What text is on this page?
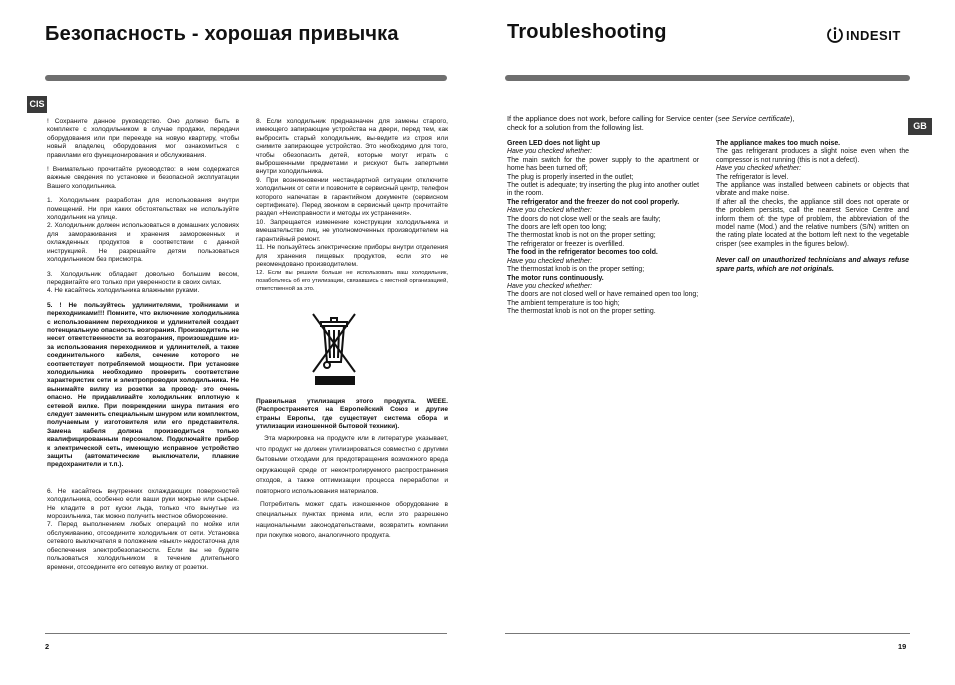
Безопасность - хорошая привычка
CIS

! Сохраните данное руководство. Оно должно быть в комплекте с холодильником в случае продажи, передачи оборудования или при переезде на новую квартиру, чтобы новый владелец оборудования мог ознакомиться с правилами его функционирования и обслуживания.

! Внимательно прочитайте руководство: в нем содержатся важные сведения по установке и безопасной эксплуатации Вашего холодильника.

1. Холодильник разработан для использования внутри помещений. Ни при каких обстоятельствах не используйте холодильник на улице.
2. Холодильник должен использоваться в домашних условиях для замораживания и хранения замороженных и охлажденных продуктов в соответствии с данной инструкцией. Не разрешайте детям пользоваться холодильником без присмотра.

3. Холодильник обладает довольно большим весом, передвигайте его только при уверенности в своих силах.
4. Не касайтесь холодильника влажными руками.

5. ! Не пользуйтесь удлинителями, тройниками и переходниками!!! Помните, что включение холодильника с использованием переходников и удлинителей создает потенциальную опасность возгорания. Производитель не несет ответственности за возгорания, произошедшие из-за использования переходников и удлинителей, а также соединительного кабеля, сечение которого не соответствует потребляемой мощности. При установке холодильника необходимо проверить соответствие характеристик сети и электропроводки холодильника. Не вынимайте вилку из розетки за провод- это очень опасно. Не придавливайте холодильник вплотную к сетевой вилке. При повреждении шнура питания его следует заменить специальным шнуром или комплектом, получаемым у изготовителя или его представителя. Замена кабеля должна производиться только квалифицированным персоналом. Подключайте прибор к электрической сеть, имеющую исправное устройство защиты (автоматические выключатели, плавкие предохранители и т.п.).

6. Не касайтесь внутренних охлаждающих поверхностей холодильника, особенно если ваши руки мокрые или сырые. Не кладите в рот куски льда, только что вынутые из морозильника, так можно получить местное обморожение.
7. Перед выполнением любых операций по мойке или обслуживанию, отсоедините холодильник от сети. Установка сетевого выключателя в положение «выкл» недостаточна для обеспечения электробезопасности. Если вы не будете пользоваться холодильником в течение длительного времени, отсоедините его сетевую вилку от розетки.

8. Если холодильник предназначен для замены старого, имеющего запирающие устройства на двери, перед тем, как выбросить старый холодильник, вы-ведите из строя или снимите запирающее устройство. Это необходимо для того, чтобы обезопасить детей, которые могут играть с выброшенными предметами и рискуют быть запертыми внутри холодильника.
9. При возникновении нестандартной ситуации отключите холодильник от сети и позвоните в сервисный центр, телефон которого напечатан в гарантийном документе (сервисном сертификате). Перед звонком в сервисный центр прочитайте раздел «Неисправности и методы их устранения».
10. Запрещается изменение конструкции холодильника и вмешательство лиц, не уполномоченных производителем на гарантийный ремонт.
11. Не пользуйтесь электрические приборы внутри отделения для хранения пищевых продуктов, если это не рекомендовано производителем.

12. Если вы решили больше не использовать ваш холодильник, позаботьтесь об его утилизации, связавшись с местной организацией, ответственной за это.

Правильная утилизация этого продукта. WEEE. (Распространяется на Европейский Союз и другие страны Европы, где существует система сбора и утилизации изношенной бытовой техники).

Эта маркировка на продукте или в литературе указывает, что продукт не должен утилизироваться совместно с другими бытовыми отходами для предотвращения возможного вреда окружающей среде от неконтролируемого распространения отходов, а также оптимизации процесса переработки и повторного использования материалов.

Потребитель может сдать изношенное оборудование в специальных пунктах приема или, если это разрешено национальными законодательствами, возвратить компании при покупке нового, аналогичного продукта.

2
Troubleshooting	INDESIT
GB
If the appliance does not work, before calling for Service center (see Service certificate),
check for a solution from the following list.

Green LED does not light up

Have you checked whether:

The main switch for the power supply to the apartment or home has been turned off;

The plug is properly inserted in the outlet;

The outlet is adequate; try inserting the plug into another outlet in the room.

The refrigerator and the freezer do not cool properly.

Have you checked whether:

The doors do not close well or the seals are faulty;

The doors are left open too long;

The thermostat knob is not on the proper setting;

The refrigerator or freezer is overfilled.

The food in the refrigerator becomes too cold.

Have you checked whether:

The thermostat knob is on the proper setting;

The motor runs continuously.

Have you checked whether:

The doors are not closed well or have remained open too long;

The ambient temperature is too high;

The thermostat knob is not on the proper setting.

The appliance makes too much noise.

The gas refrigerant produces a slight noise even when the compressor is not running (this is not a defect).

Have you checked whether:

The refrigerator is level.

The appliance was installed between cabinets or objects that vibrate and make noise.

If after all the checks, the appliance still does not operate or the problem persists, call the nearest Service Centre and inform them of: the type of problem, the abbreviation of the model name (Mod.) and the relative numbers (S/N) written on the rating plate located at the bottom left next to the vegetable crisper (see examples in the figures below).

Never call on unauthorized technicians and always refuse spare parts, which are not originals.

19
